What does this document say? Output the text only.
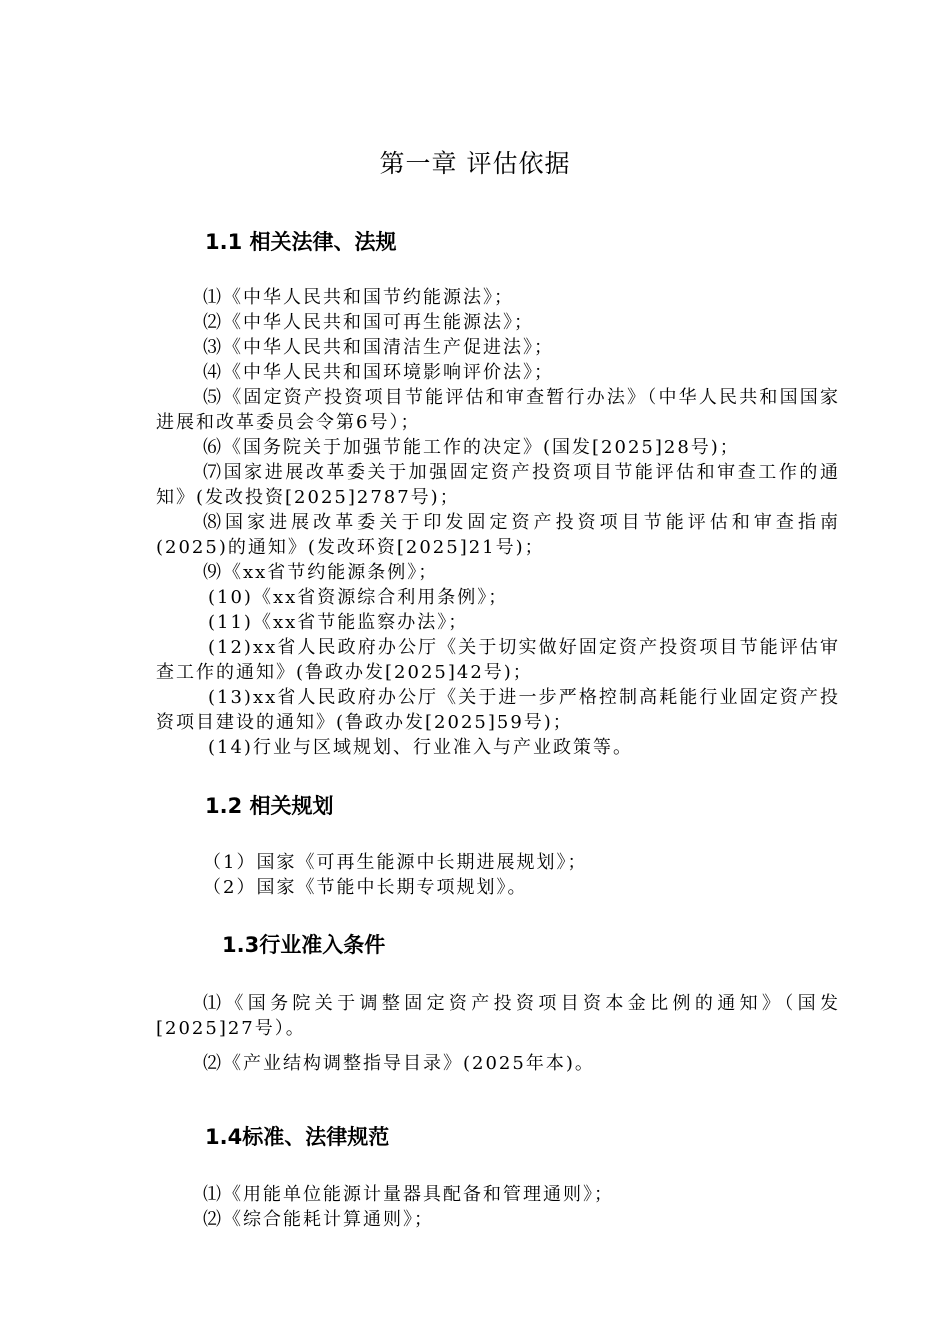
第一章 评估依据
1.1 相关法律、法规
⑴《中华人民共和国节约能源法》；
⑵《中华人民共和国可再生能源法》；
⑶《中华人民共和国清洁生产促进法》；
⑷《中华人民共和国环境影响评价法》；
⑸《固定资产投资项目节能评估和审查暂行办法》（中华人民共和国国家进展和改革委员会令第6号）；
⑹《国务院关于加强节能工作的决定》(国发[2025]28号)；
⑺国家进展改革委关于加强固定资产投资项目节能评估和审查工作的通知》(发改投资[2025]2787号)；
⑻国家进展改革委关于印发固定资产投资项目节能评估和审查指南(2025)的通知》(发改环资[2025]21号)；
⑼《xx省节约能源条例》；
(10)《xx省资源综合利用条例》；
(11)《xx省节能监察办法》；
(12)xx省人民政府办公厅《关于切实做好固定资产投资项目节能评估审查工作的通知》(鲁政办发[2025]42号)；
(13)xx省人民政府办公厅《关于进一步严格控制高耗能行业固定资产投资项目建设的通知》(鲁政办发[2025]59号)；
(14)行业与区域规划、行业准入与产业政策等。
1.2 相关规划
（1）国家《可再生能源中长期进展规划》；
（2）国家《节能中长期专项规划》。
1.3行业准入条件
⑴《国务院关于调整固定资产投资项目资本金比例的通知》（国发[2025]27号）。
⑵《产业结构调整指导目录》(2025年本)。
1.4标准、法律规范
⑴《用能单位能源计量器具配备和管理通则》；
⑵《综合能耗计算通则》；
